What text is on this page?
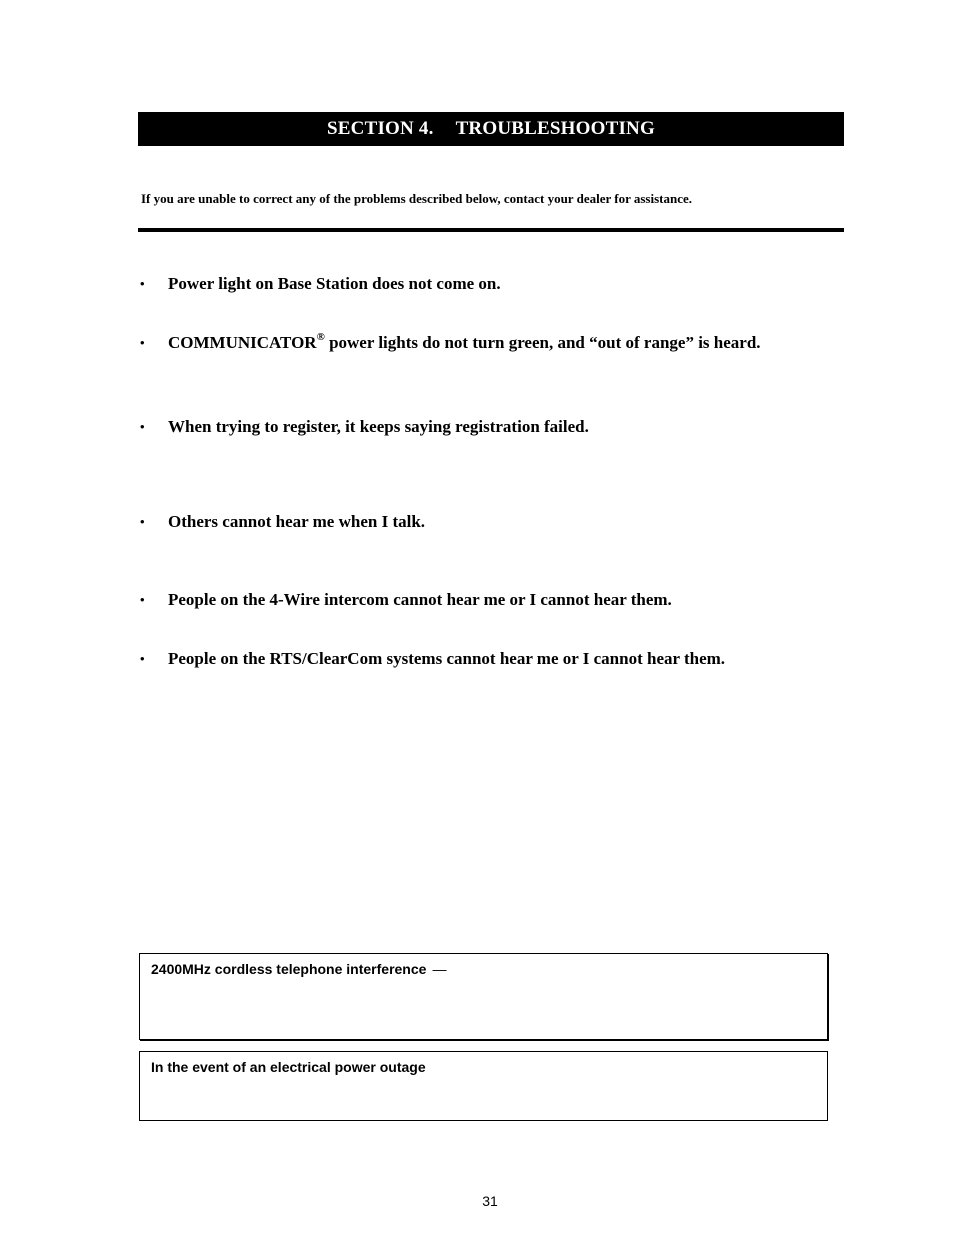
SECTION 4. TROUBLESHOOTING
If you are unable to correct any of the problems described below, contact your dealer for assistance.
•	Power light on Base Station does not come on.
•	COMMUNICATOR® power lights do not turn green, and “out of range” is heard.
•	When trying to register, it keeps saying registration failed.
•	Others cannot hear me when I talk.
•	People on the 4-Wire intercom cannot hear me or I cannot hear them.
•	People on the RTS/ClearCom systems cannot hear me or I cannot hear them.
2400MHz cordless telephone interference —
In the event of an electrical power outage
31
